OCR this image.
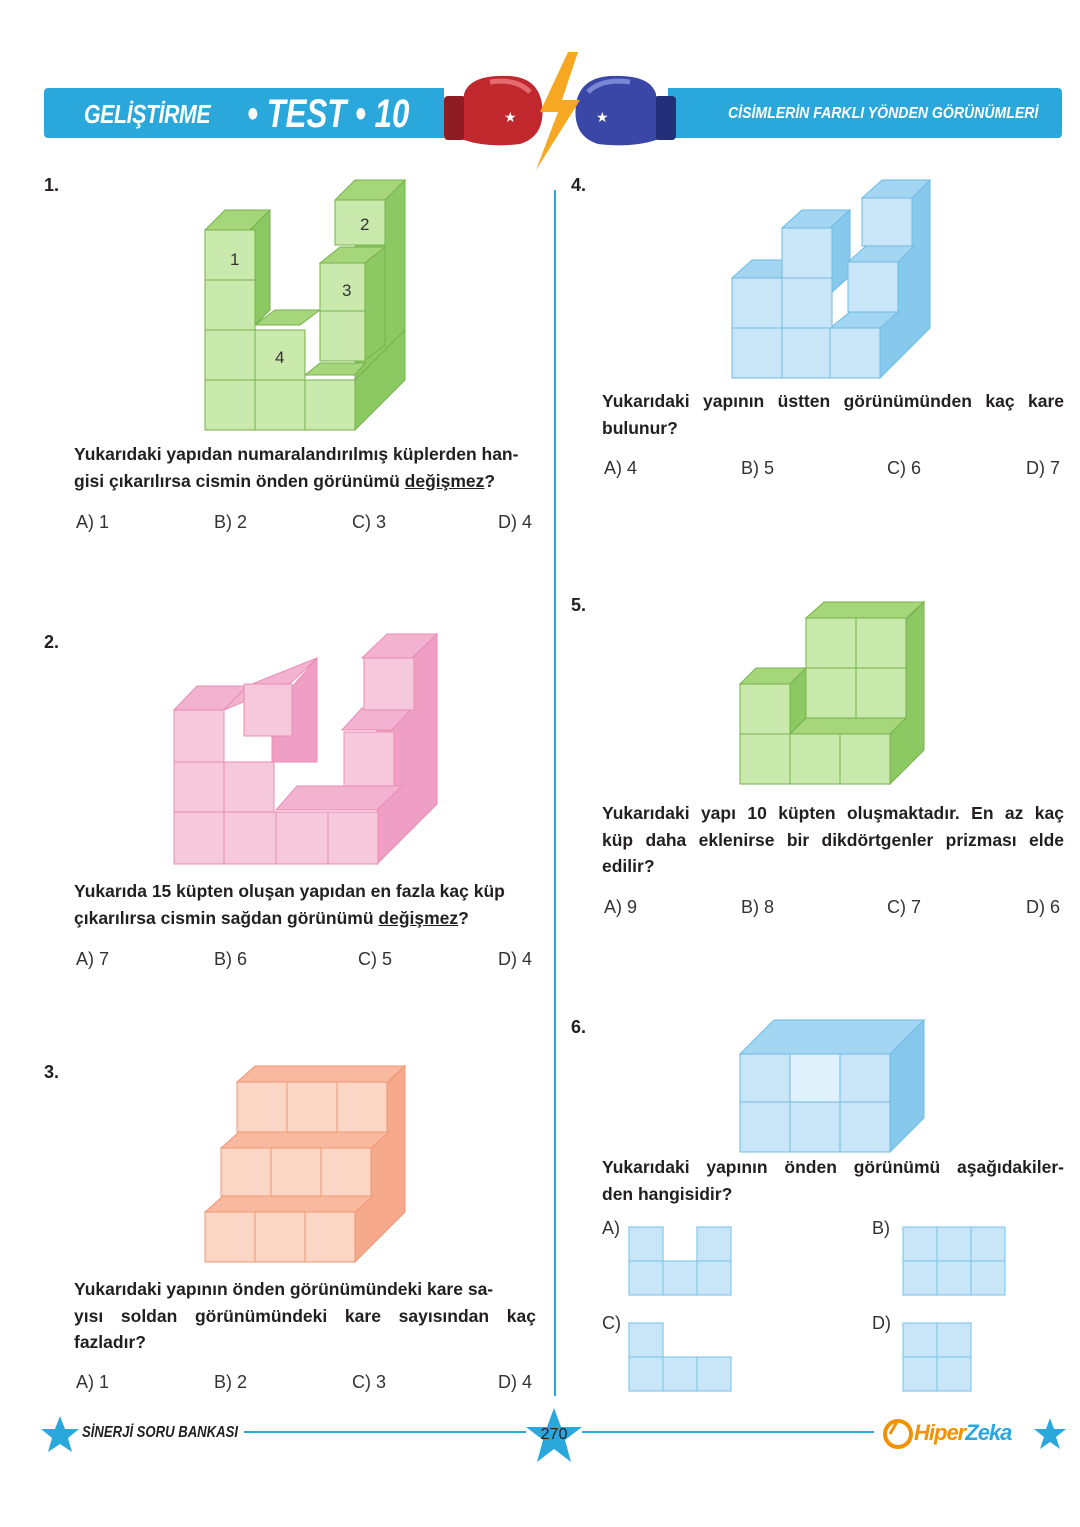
GELİŞTİRME • TEST • 10	CİSİMLERİN FARKLI YÖNDEN GÖRÜNÜMLERİ
★	★
1.
1
2
3
4
Yukarıdaki yapıdan numaralandırılmış küplerden han-
gisi çıkarılırsa cismin önden görünümü değişmez?
A) 1	B) 2	C) 3	D) 4
2.
Yukarıda 15 küpten oluşan yapıdan en fazla kaç küp
çıkarılırsa cismin sağdan görünümü değişmez?
A) 7	B) 6	C) 5	D) 4
3.
Yukarıdaki yapının önden görünümündeki kare sa-
yısı soldan görünümündeki kare sayısından kaç
fazladır?
A) 1	B) 2	C) 3	D) 4
4.
Yukarıdaki yapının üstten görünümünden kaç kare
bulunur?
A) 4	B) 5	C) 6	D) 7
5.
Yukarıdaki yapı 10 küpten oluşmaktadır. En az kaç
küp daha eklenirse bir dikdörtgenler prizması elde
edilir?
A) 9	B) 8	C) 7	D) 6
6.
Yukarıdaki yapının önden görünümü aşağıdakiler-
den hangisidir?
A)	B)
C)	D)
SİNERJİ SORU BANKASI	270	HiperZeka
